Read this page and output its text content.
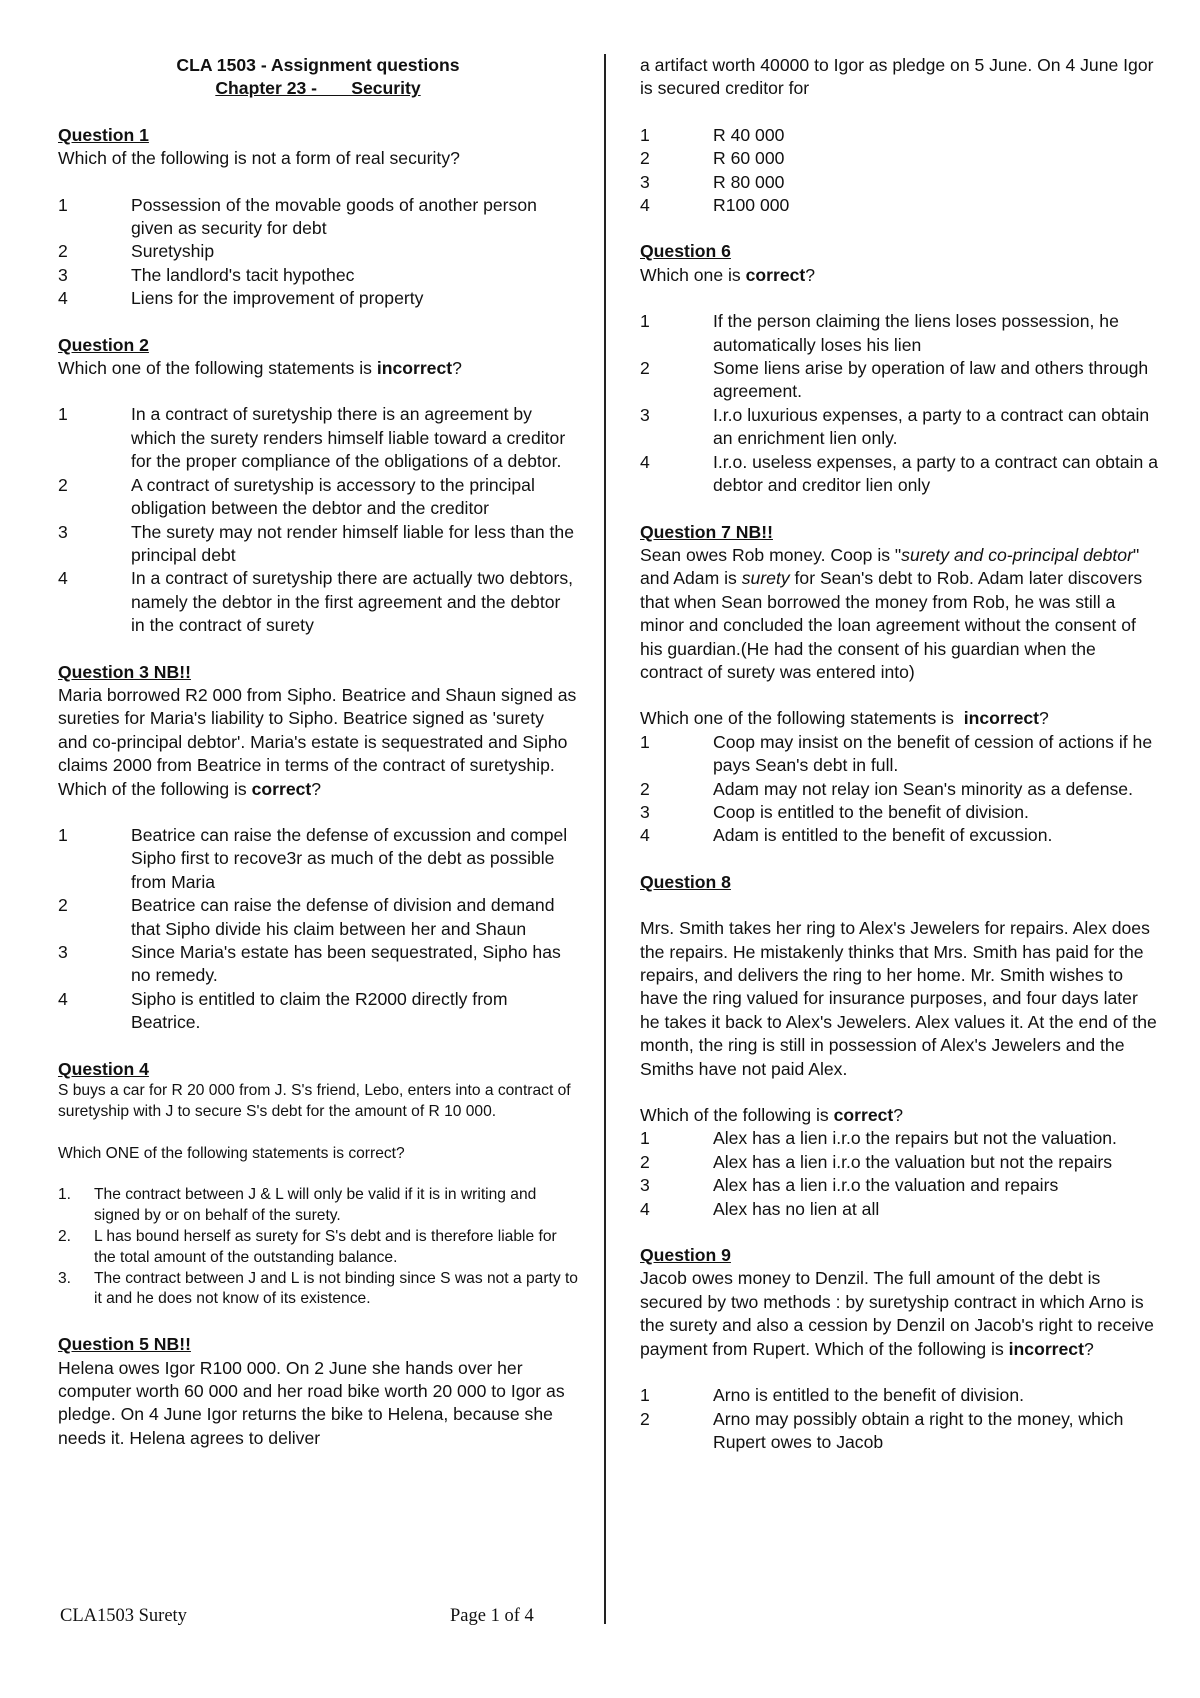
CLA 1503 - Assignment questions

Chapter 23 -       Security

Question 1

Which of the following is not a form of real security?

1	Possession of the movable goods of another person given as security for debt
2	Suretyship
3	The landlord's tacit hypothec
4	Liens for the improvement of property

Question 2

Which one of the following statements is incorrect?

1	In a contract of suretyship there is an agreement by which the surety renders himself liable toward a creditor for the proper compliance of the obligations of a debtor.
2	A contract of suretyship is accessory to the principal obligation between the debtor and the creditor
3	The surety may not render himself liable for less than the principal debt
4	In a contract of suretyship there are actually two debtors, namely the debtor in the first agreement and the debtor in the contract of surety

Question 3 NB!!

Maria borrowed R2 000 from Sipho. Beatrice and Shaun signed as sureties for Maria's liability to Sipho. Beatrice signed as 'surety and co-principal debtor'. Maria's estate is sequestrated and Sipho claims 2000 from Beatrice in terms of the contract of suretyship. Which of the following is correct?

1	Beatrice can raise the defense of excussion and compel Sipho first to recove3r as much of the debt as possible from Maria
2	Beatrice can raise the defense of division and demand that Sipho divide his claim between her and Shaun
3	Since Maria's estate has been sequestrated, Sipho has no remedy.
4	Sipho is entitled to claim the R2000 directly from Beatrice.

Question 4

S buys a car for R 20 000 from J. S's friend, Lebo, enters into a contract of suretyship with J to secure S's debt for the amount of R 10 000.

Which ONE of the following statements is correct?

1.	The contract between J & L will only be valid if it is in writing and signed by or on behalf of the surety.
2.	L has bound herself as surety for S's debt and is therefore liable for the total amount of the outstanding balance.
3.	The contract between J and L is not binding since S was not a party to it and he does not know of its existence.

Question 5 NB!!

Helena owes Igor R100 000. On 2 June she hands over her computer worth 60 000 and her road bike worth 20 000 to Igor as pledge. On 4 June Igor returns the bike to Helena, because she needs it. Helena agrees to deliver

a artifact worth 40000 to Igor as pledge on 5 June. On 4 June Igor is secured creditor for

1	R 40 000
2	R 60 000
3	R 80 000
4	R100 000

Question 6

Which one is correct?

1	If the person claiming the liens loses possession, he automatically loses his lien
2	Some liens arise by operation of law and others through agreement.
3	I.r.o luxurious expenses, a party to a contract can obtain an enrichment lien only.
4	I.r.o. useless expenses, a party to a contract can obtain a debtor and creditor lien only

Question 7 NB!!

Sean owes Rob money. Coop is "surety and co-principal debtor" and Adam is surety for Sean's debt to Rob. Adam later discovers that when Sean borrowed the money from Rob, he was still a minor and concluded the loan agreement without the consent of his guardian.(He had the consent of his guardian when the contract of surety was entered into)

Which one of the following statements is  incorrect?

1	Coop may insist on the benefit of cession of actions if he pays Sean's debt in full.
2	Adam may not relay ion Sean's minority as a defense.
3	Coop is entitled to the benefit of division.
4	Adam is entitled to the benefit of excussion.

Question 8

Mrs. Smith takes her ring to Alex's Jewelers for repairs. Alex does the repairs. He mistakenly thinks that Mrs. Smith has paid for the repairs, and delivers the ring to her home. Mr. Smith wishes to have the ring valued for insurance purposes, and four days later he takes it back to Alex's Jewelers. Alex values it. At the end of the month, the ring is still in possession of Alex's Jewelers and the Smiths have not paid Alex.

Which of the following is correct?

1	Alex has a lien i.r.o the repairs but not the valuation.
2	Alex has a lien i.r.o the valuation but not the repairs
3	Alex has a lien i.r.o the valuation and repairs
4	Alex has no lien at all

Question 9

Jacob owes money to Denzil. The full amount of the debt is secured by two methods : by suretyship contract in which Arno is the surety and also a cession by Denzil on Jacob's right to receive payment from Rupert. Which of the following is incorrect?

1	Arno is entitled to the benefit of division.
2	Arno may possibly obtain a right to the money, which Rupert owes to Jacob
CLA1503 Surety	Page 1 of 4
